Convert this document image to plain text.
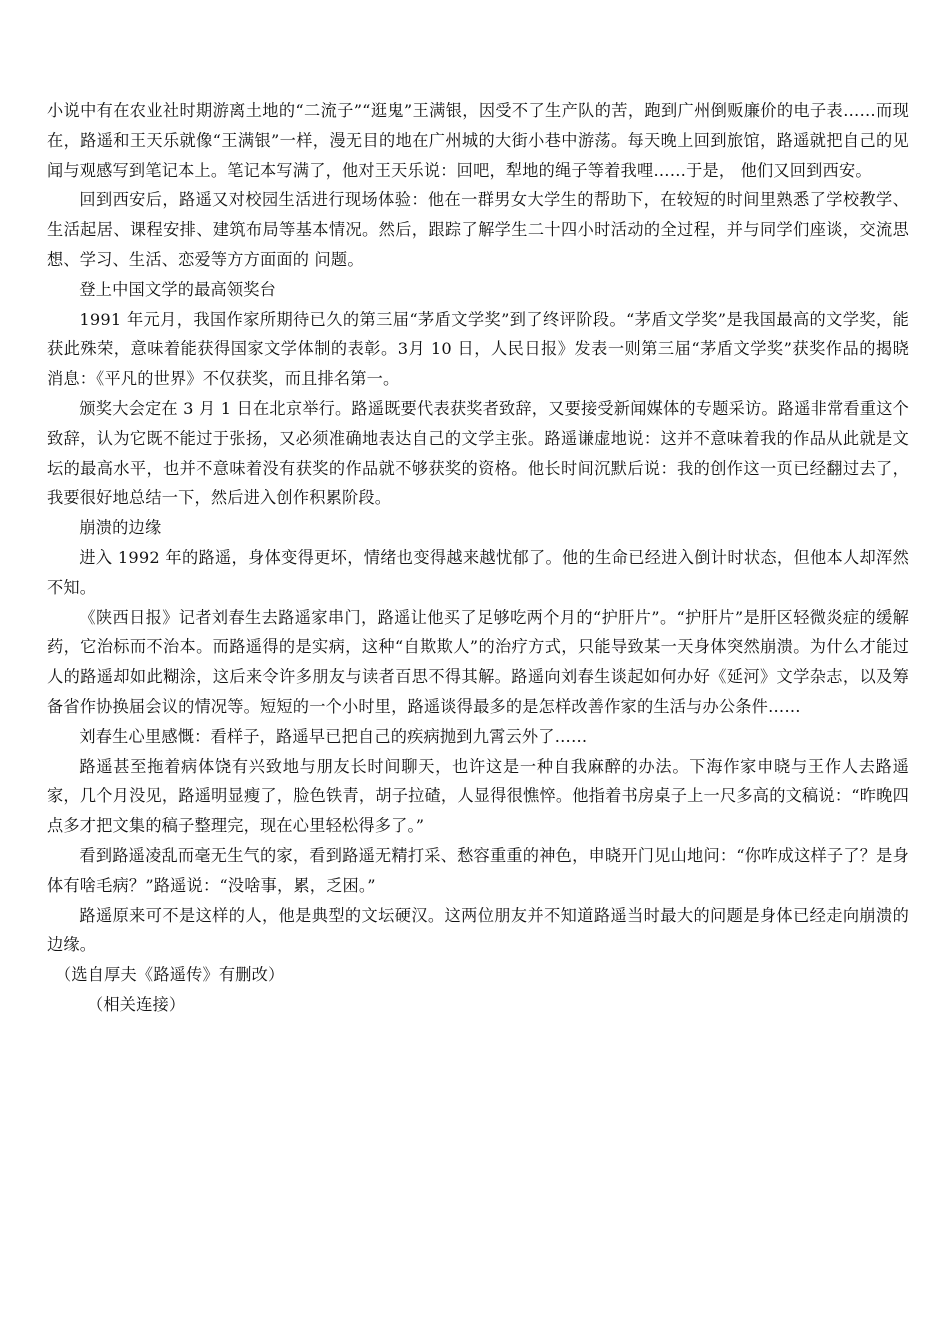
小说中有在农业社时期游离土地的“二流子”“逛鬼”王满银，因受不了生产队的苦，跑到广州倒贩廉价的电子表……而现在，路遥和王天乐就像“王满银”一样，漫无目的地在广州城的大街小巷中游荡。每天晚上回到旅馆，路遥就把自己的见闻与观感写到笔记本上。笔记本写满了，他对王天乐说：回吧，犁地的绳子等着我哩……于是， 他们又回到西安。

回到西安后，路遥又对校园生活进行现场体验：他在一群男女大学生的帮助下，在较短的时间里熟悉了学校教学、生活起居、课程安排、建筑布局等基本情况。然后，跟踪了解学生二十四小时活动的全过程，并与同学们座谈，交流思想、学习、生活、恋爱等方方面面的 问题。

登上中国文学的最高领奖台

1991 年元月，我国作家所期待已久的第三届“茅盾文学奖”到了终评阶段。“茅盾文学奖”是我国最高的文学奖，能获此殊荣，意味着能获得国家文学体制的表彰。3月 10 日，人民日报》发表一则第三届“茅盾文学奖”获奖作品的揭晓消息：《平凡的世界》不仅获奖，而且排名第一。

颁奖大会定在 3 月 1 日在北京举行。路遥既要代表获奖者致辞，又要接受新闻媒体的专题采访。路遥非常看重这个致辞，认为它既不能过于张扬，又必须准确地表达自己的文学主张。路遥谦虚地说：这并不意味着我的作品从此就是文坛的最高水平，也并不意味着没有获奖的作品就不够获奖的资格。他长时间沉默后说：我的创作这一页已经翻过去了，我要很好地总结一下，然后进入创作积累阶段。

崩溃的边缘

进入 1992 年的路遥，身体变得更坏，情绪也变得越来越忧郁了。他的生命已经进入倒计时状态，但他本人却浑然不知。

《陕西日报》记者刘春生去路遥家串门，路遥让他买了足够吃两个月的“护肝片”。“护肝片”是肝区轻微炎症的缓解药，它治标而不治本。而路遥得的是实病，这种“自欺欺人”的治疗方式，只能导致某一天身体突然崩溃。为什么才能过人的路遥却如此糊涂，这后来令许多朋友与读者百思不得其解。路遥向刘春生谈起如何办好《延河》文学杂志，以及筹备省作协换届会议的情况等。短短的一个小时里，路遥谈得最多的是怎样改善作家的生活与办公条件……

刘春生心里感慨：看样子，路遥早已把自己的疾病抛到九霄云外了……

路遥甚至拖着病体饶有兴致地与朋友长时间聊天，也许这是一种自我麻醉的办法。下海作家申晓与王作人去路遥家，几个月没见，路遥明显瘦了，脸色铁青，胡子拉碴，人显得很憔悴。他指着书房桌子上一尺多高的文稿说：“昨晚四点多才把文集的稿子整理完，现在心里轻松得多了。”

看到路遥凌乱而毫无生气的家，看到路遥无精打采、愁容重重的神色，申晓开门见山地问：“你咋成这样子了？是身体有啥毛病？”路遥说：“没啥事，累，乏困。”

路遥原来可不是这样的人，他是典型的文坛硬汉。这两位朋友并不知道路遥当时最大的问题是身体已经走向崩溃的边缘。

（选自厚夫《路遥传》有删改）

（相关连接）
